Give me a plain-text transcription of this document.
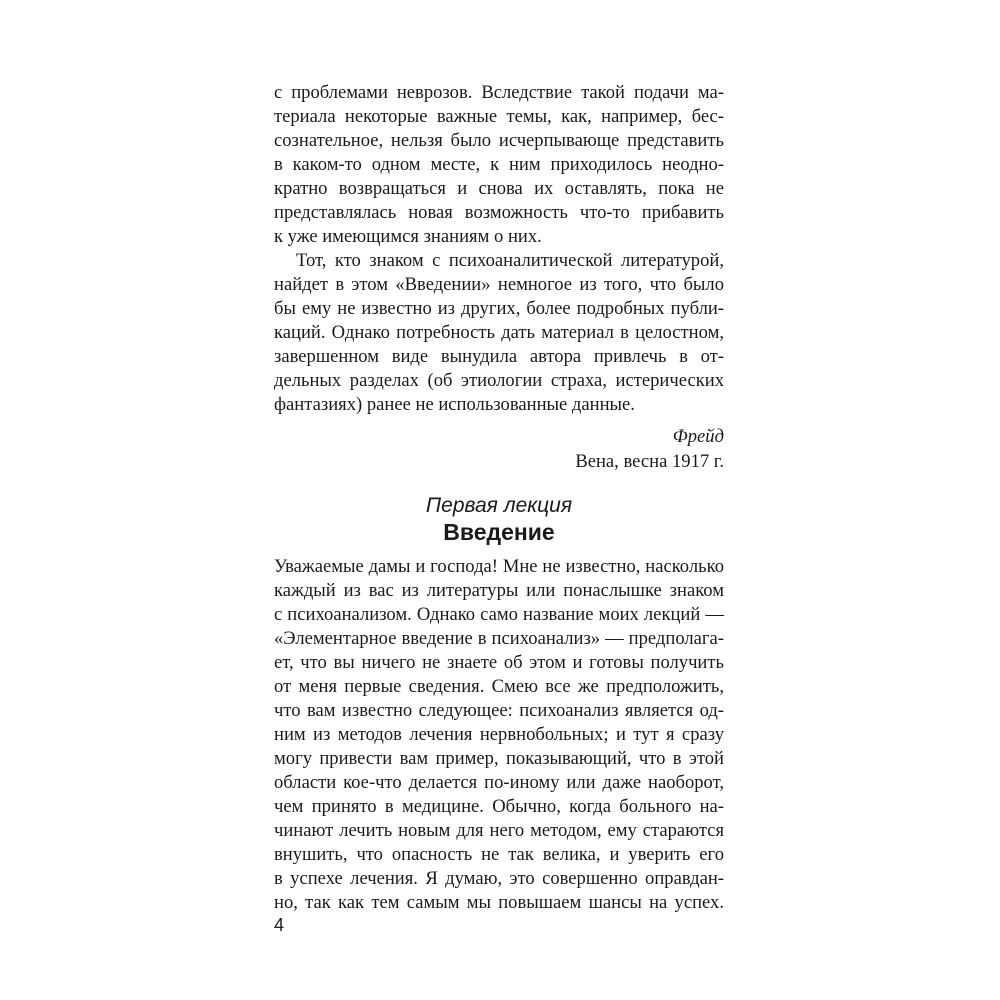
с проблемами неврозов. Вследствие такой подачи ма-
териала некоторые важные темы, как, например, бес-
сознательное, нельзя было исчерпывающе представить
в каком-то одном месте, к ним приходилось неодно-
кратно возвращаться и снова их оставлять, пока не
представлялась новая возможность что-то прибавить
к уже имеющимся знаниям о них.
Тот, кто знаком с психоаналитической литературой,
найдет в этом «Введении» немногое из того, что было
бы ему не известно из других, более подробных публи-
каций. Однако потребность дать материал в целостном,
завершенном виде вынудила автора привлечь в от-
дельных разделах (об этиологии страха, истерических
фантазиях) ранее не использованные данные.
Фрейд
Вена, весна 1917 г.
Первая лекция
Введение
Уважаемые дамы и господа! Мне не известно, насколько
каждый из вас из литературы или понаслышке знаком
с психоанализом. Однако само название моих лекций —
«Элементарное введение в психоанализ» — предполага-
ет, что вы ничего не знаете об этом и готовы получить
от меня первые сведения. Смею все же предположить,
что вам известно следующее: психоанализ является од-
ним из методов лечения нервнобольных; и тут я сразу
могу привести вам пример, показывающий, что в этой
области кое-что делается по-иному или даже наоборот,
чем принято в медицине. Обычно, когда больного на-
чинают лечить новым для него методом, ему стараются
внушить, что опасность не так велика, и уверить его
в успехе лечения. Я думаю, это совершенно оправдан-
но, так как тем самым мы повышаем шансы на успех.
4
